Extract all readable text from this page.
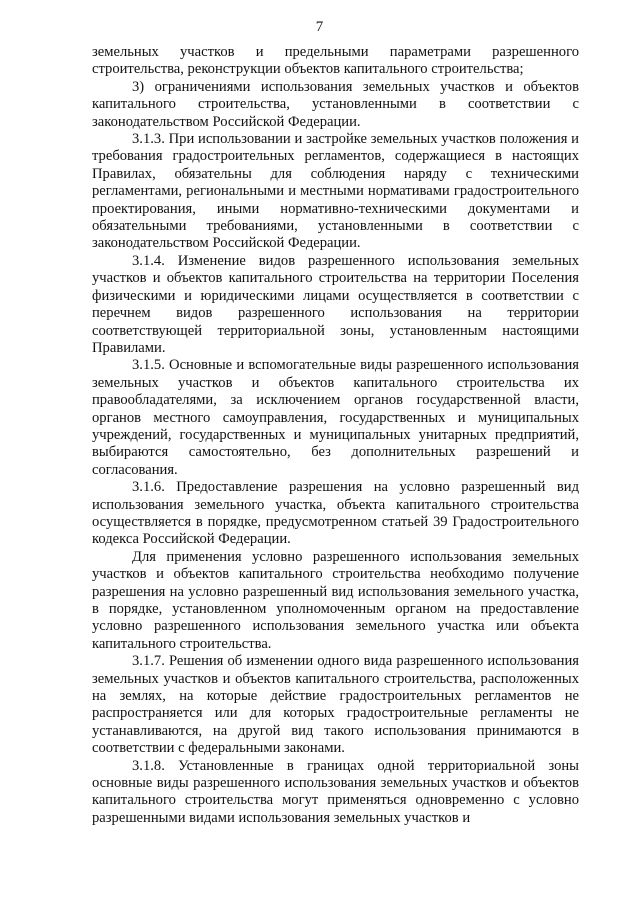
7

земельных участков и предельными параметрами разрешенного строительства, реконструкции объектов капитального строительства;

3) ограничениями использования земельных участков и объектов капитального строительства, установленными в соответствии с законодательством Российской Федерации.

3.1.3. При использовании и застройке земельных участков положения и требования градостроительных регламентов, содержащиеся в настоящих Правилах, обязательны для соблюдения наряду с техническими регламентами, региональными и местными нормативами градостроительного проектирования, иными нормативно-техническими документами и обязательными требованиями, установленными в соответствии с законодательством Российской Федерации.

3.1.4. Изменение видов разрешенного использования земельных участков и объектов капитального строительства на территории Поселения физическими и юридическими лицами осуществляется в соответствии с перечнем видов разрешенного использования на территории соответствующей территориальной зоны, установленным настоящими Правилами.

3.1.5. Основные и вспомогательные виды разрешенного использования земельных участков и объектов капитального строительства их правообладателями, за исключением органов государственной власти, органов местного самоуправления, государственных и муниципальных учреждений, государственных и муниципальных унитарных предприятий, выбираются самостоятельно, без дополнительных разрешений и согласования.

3.1.6. Предоставление разрешения на условно разрешенный вид использования земельного участка, объекта капитального строительства осуществляется в порядке, предусмотренном статьей 39 Градостроительного кодекса Российской Федерации.

Для применения условно разрешенного использования земельных участков и объектов капитального строительства необходимо получение разрешения на условно разрешенный вид использования земельного участка, в порядке, установленном уполномоченным органом на предоставление условно разрешенного использования земельного участка или объекта капитального строительства.

3.1.7. Решения об изменении одного вида разрешенного использования земельных участков и объектов капитального строительства, расположенных на землях, на которые действие градостроительных регламентов не распространяется или для которых градостроительные регламенты не устанавливаются, на другой вид такого использования принимаются в соответствии с федеральными законами.

3.1.8. Установленные в границах одной территориальной зоны основные виды разрешенного использования земельных участков и объектов капитального строительства могут применяться одновременно с условно разрешенными видами использования земельных участков и
